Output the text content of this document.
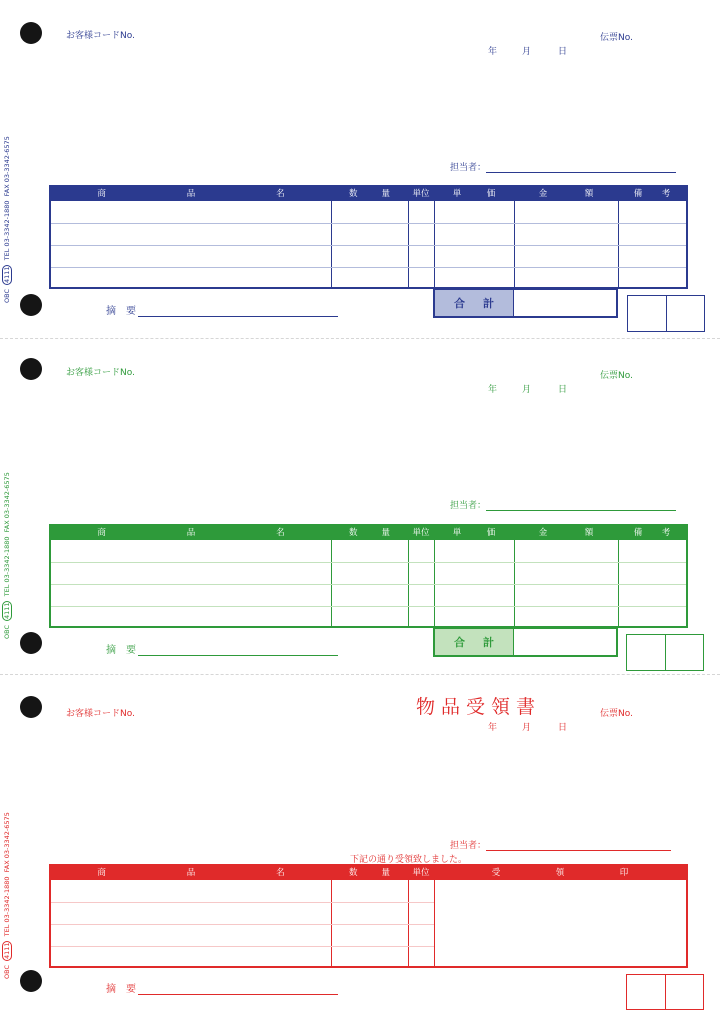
OBC 4111 TEL 03-3342-1880  FAX 03-3342-6575
お客様コードNo.	伝票No.
年	月	日
担当者：
商	品	名	数	量	単位	単	価	金	額	備 考
合 計
摘　要
OBC 4111 TEL 03-3342-1880  FAX 03-3342-6575
お客様コードNo.	伝票No.
年	月	日
担当者：
商	品	名	数	量	単位	単	価	金	額	備 考
合 計
摘　要
OBC 4111 TEL 03-3342-1880  FAX 03-3342-6575
お客様コードNo.	物品受領書	伝票No.
年	月	日
担当者：
下記の通り受領致しました。
商	品	名	数	量	単位	受	領	印
摘　要
